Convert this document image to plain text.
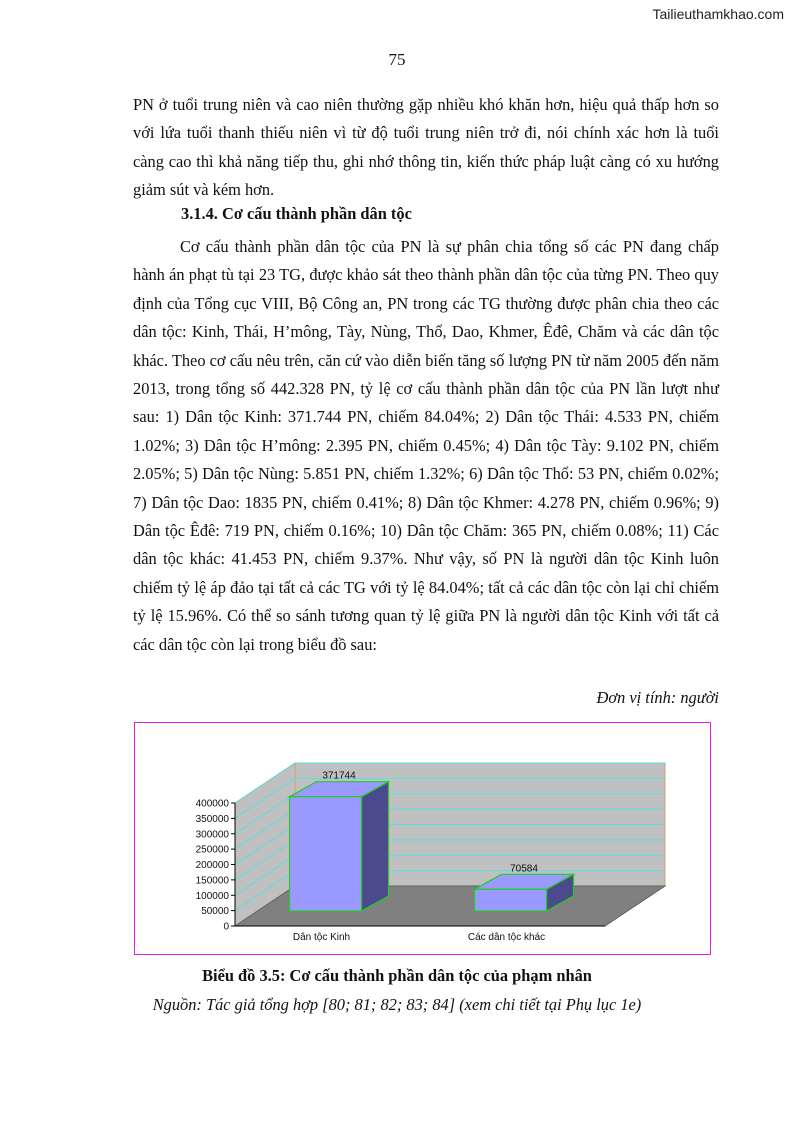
Tailieuthamkhao.com
75
PN ở tuổi trung niên và cao niên thường gặp nhiều khó khăn hơn, hiệu quả thấp hơn so với lứa tuổi thanh thiếu niên vì từ độ tuổi trung niên trở đi, nói chính xác hơn là tuổi càng cao thì khả năng tiếp thu, ghi nhớ thông tin, kiến thức pháp luật càng có xu hướng giảm sút và kém hơn.
3.1.4. Cơ cấu thành phần dân tộc
Cơ cấu thành phần dân tộc của PN là sự phân chia tổng số các PN đang chấp hành án phạt tù tại 23 TG, được khảo sát theo thành phần dân tộc của từng PN. Theo quy định của Tổng cục VIII, Bộ Công an, PN trong các TG thường được phân chia theo các dân tộc: Kinh, Thái, H’mông, Tày, Nùng, Thổ, Dao, Khmer, Êđê, Chăm và các dân tộc khác. Theo cơ cấu nêu trên, căn cứ vào diễn biến tăng số lượng PN từ năm 2005 đến năm 2013, trong tổng số 442.328 PN, tỷ lệ cơ cấu thành phần dân tộc của PN lần lượt như sau: 1) Dân tộc Kinh: 371.744 PN, chiếm 84.04%; 2) Dân tộc Thái: 4.533 PN, chiếm 1.02%; 3) Dân tộc H’mông: 2.395 PN, chiếm 0.45%; 4) Dân tộc Tày: 9.102 PN, chiếm 2.05%; 5) Dân tộc Nùng: 5.851 PN, chiếm 1.32%; 6) Dân tộc Thổ: 53 PN, chiếm 0.02%; 7) Dân tộc Dao: 1835 PN, chiếm 0.41%; 8) Dân tộc Khmer: 4.278 PN, chiếm 0.96%; 9) Dân tộc Êđê: 719 PN, chiếm 0.16%; 10) Dân tộc Chăm: 365 PN, chiếm 0.08%; 11) Các dân tộc khác: 41.453 PN, chiếm 9.37%. Như vậy, số PN là người dân tộc Kinh luôn chiếm tỷ lệ áp đảo tại tất cả các TG với tỷ lệ 84.04%; tất cả các dân tộc còn lại chỉ chiếm tỷ lệ 15.96%. Có thể so sánh tương quan tỷ lệ giữa PN là người dân tộc Kinh với tất cả các dân tộc còn lại trong biểu đồ sau:
Đơn vị tính: người
0
50000
100000
150000
200000
250000
300000
350000
400000
371744
Dân tộc Kinh
70584
Các dân tộc khác
Biểu đồ 3.5: Cơ cấu thành phần dân tộc của phạm nhân
Nguồn: Tác giả tổng hợp [80; 81; 82; 83; 84] (xem chi tiết tại Phụ lục 1e)
